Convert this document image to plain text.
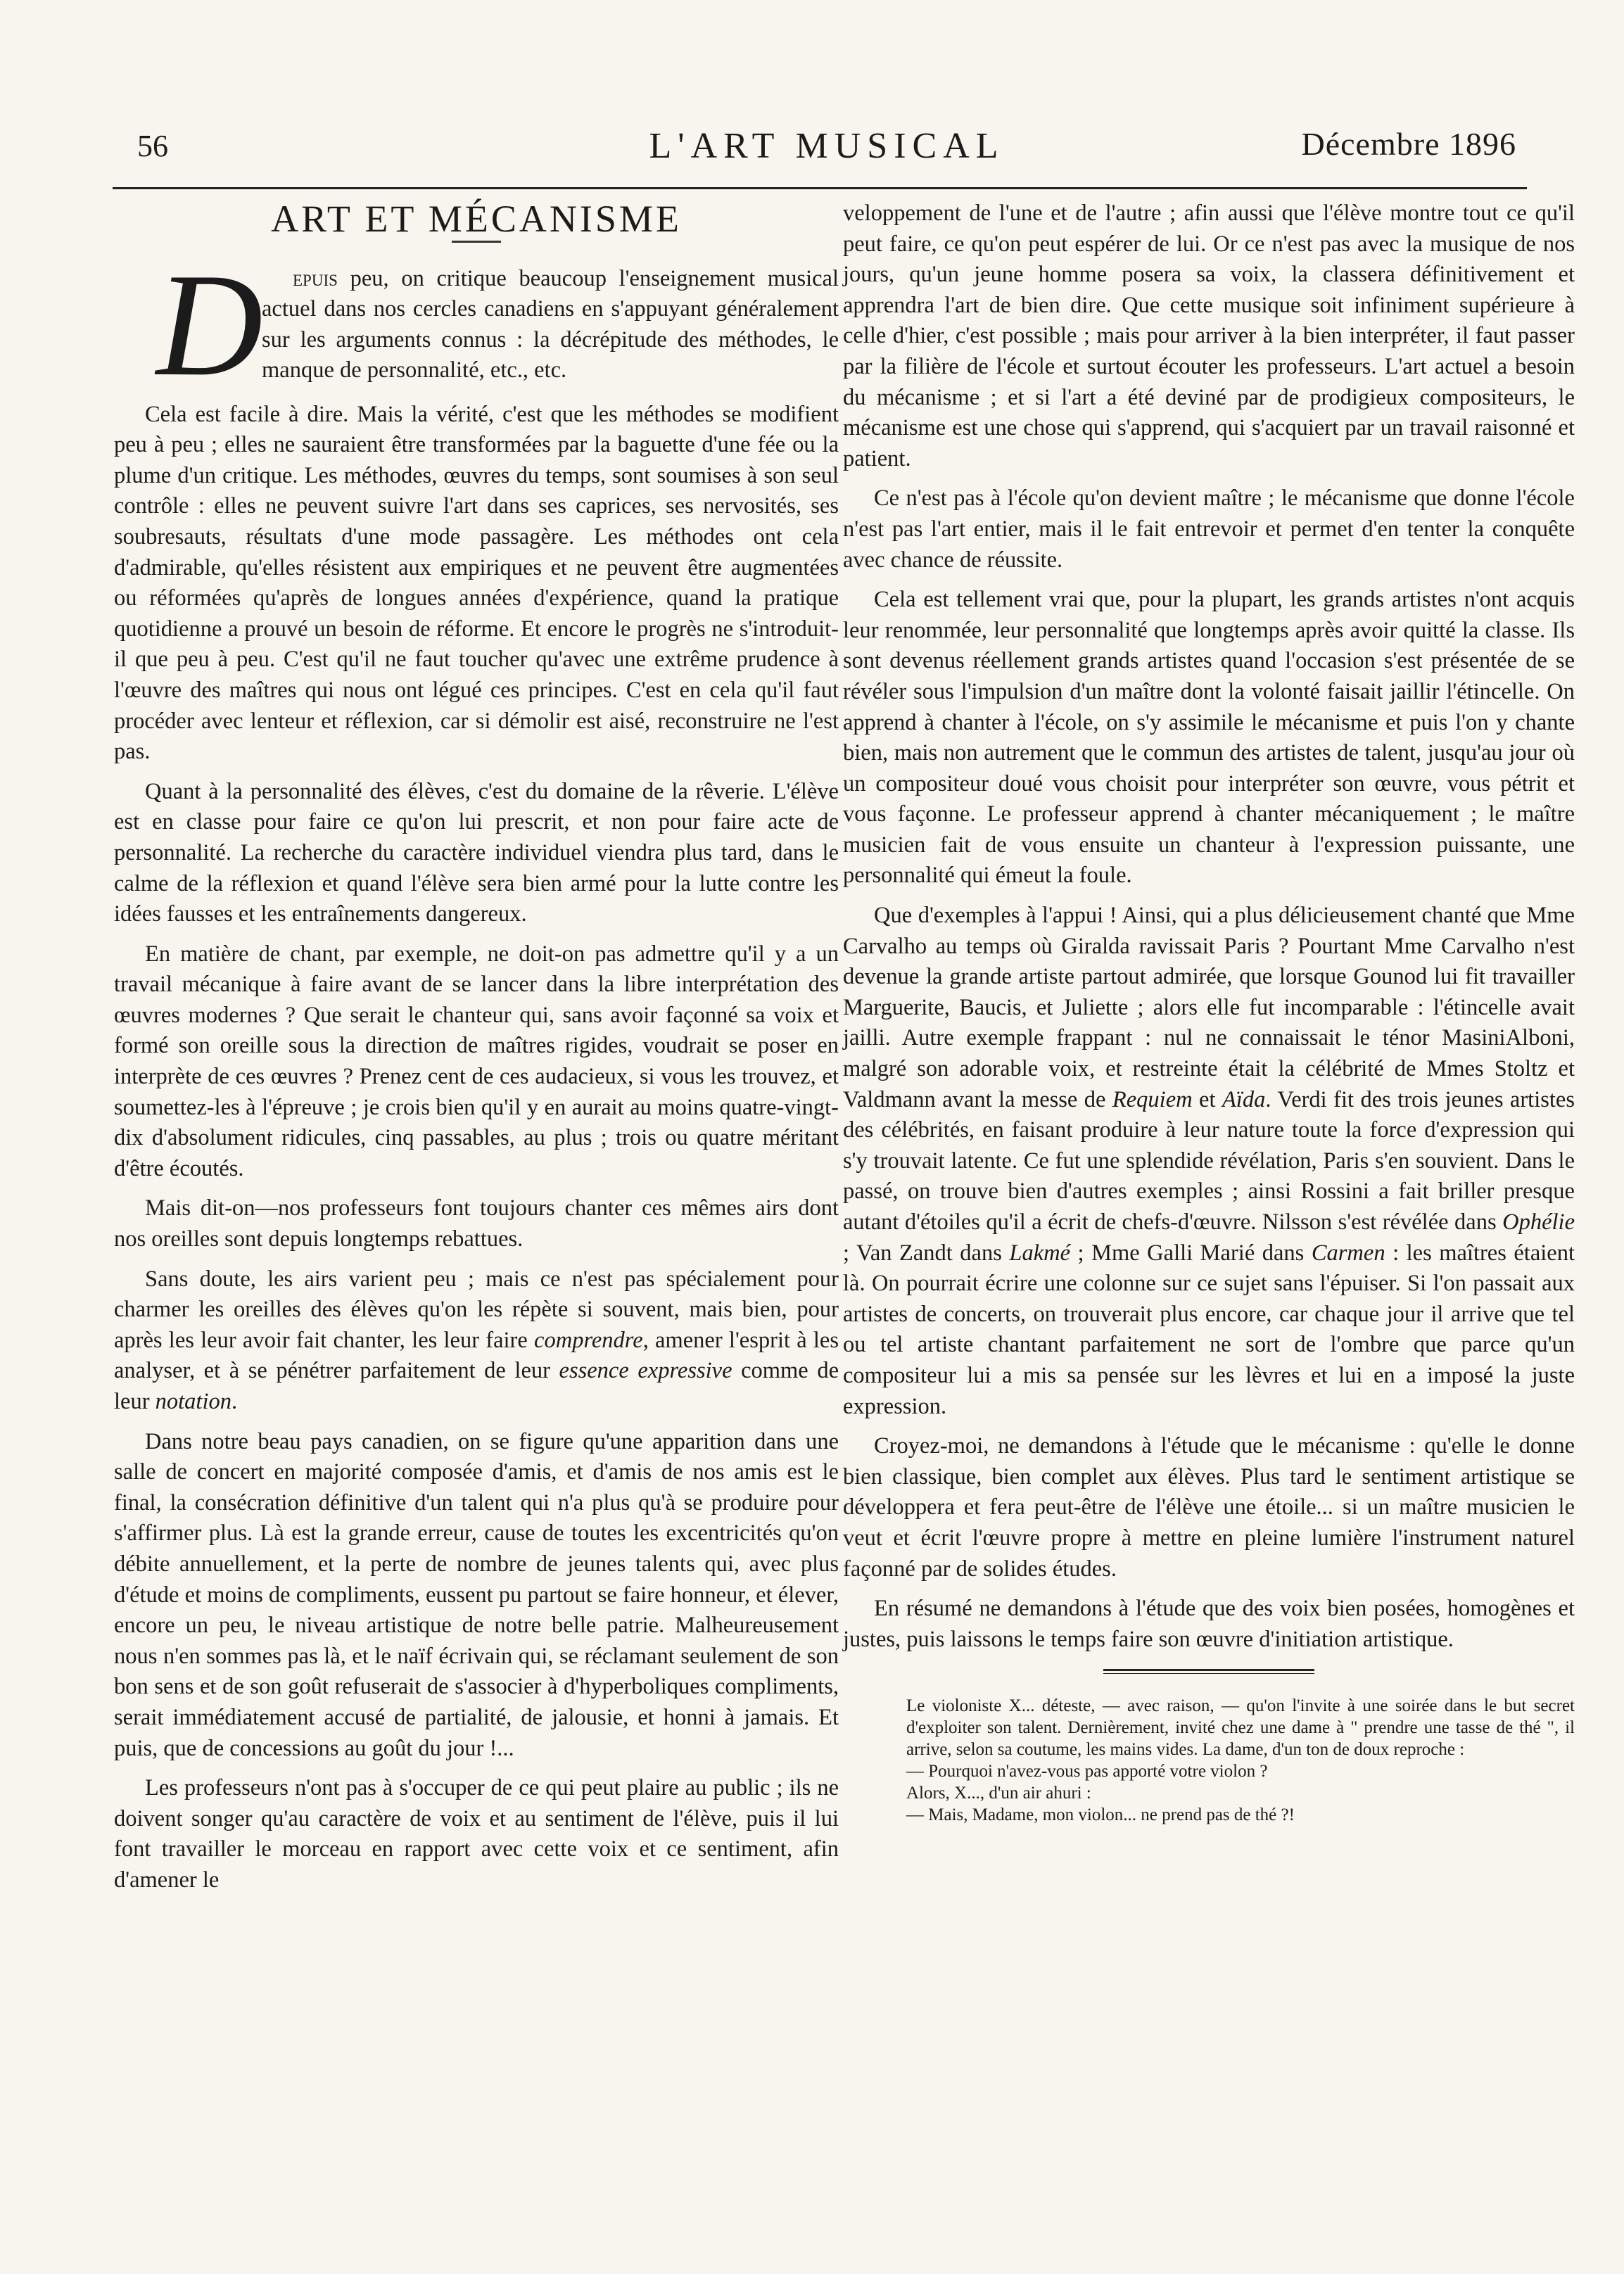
56	L'ART MUSICAL	Décembre 1896
ART ET MÉCANISME

D epuis peu, on critique beaucoup l'enseignement musical actuel dans nos cercles canadiens en s'appuyant généralement sur les arguments connus : la décrépitude des méthodes, le manque de personnalité, etc., etc.

Cela est facile à dire. Mais la vérité, c'est que les méthodes se modifient peu à peu ; elles ne sauraient être transformées par la baguette d'une fée ou la plume d'un critique. Les méthodes, œuvres du temps, sont soumises à son seul contrôle : elles ne peuvent suivre l'art dans ses caprices, ses nervosités, ses soubresauts, résultats d'une mode passagère. Les méthodes ont cela d'admirable, qu'elles résistent aux empiriques et ne peuvent être augmentées ou réformées qu'après de longues années d'expérience, quand la pratique quotidienne a prouvé un besoin de réforme. Et encore le progrès ne s'introduit-il que peu à peu. C'est qu'il ne faut toucher qu'avec une extrême prudence à l'œuvre des maîtres qui nous ont légué ces principes. C'est en cela qu'il faut procéder avec lenteur et réflexion, car si démolir est aisé, reconstruire ne l'est pas.

Quant à la personnalité des élèves, c'est du domaine de la rêverie. L'élève est en classe pour faire ce qu'on lui prescrit, et non pour faire acte de personnalité. La recherche du caractère individuel viendra plus tard, dans le calme de la réflexion et quand l'élève sera bien armé pour la lutte contre les idées fausses et les entraînements dangereux.

En matière de chant, par exemple, ne doit-on pas admettre qu'il y a un travail mécanique à faire avant de se lancer dans la libre interprétation des œuvres modernes ? Que serait le chanteur qui, sans avoir façonné sa voix et formé son oreille sous la direction de maîtres rigides, voudrait se poser en interprète de ces œuvres ? Prenez cent de ces audacieux, si vous les trouvez, et soumettez-les à l'épreuve ; je crois bien qu'il y en aurait au moins quatre-vingt-dix d'absolument ridicules, cinq passables, au plus ; trois ou quatre méritant d'être écoutés.

Mais dit-on—nos professeurs font toujours chanter ces mêmes airs dont nos oreilles sont depuis longtemps rebattues.

Sans doute, les airs varient peu ; mais ce n'est pas spécialement pour charmer les oreilles des élèves qu'on les répète si souvent, mais bien, pour après les leur avoir fait chanter, les leur faire comprendre, amener l'esprit à les analyser, et à se pénétrer parfaitement de leur essence expressive comme de leur notation.

Dans notre beau pays canadien, on se figure qu'une apparition dans une salle de concert en majorité composée d'amis, et d'amis de nos amis est le final, la consécration définitive d'un talent qui n'a plus qu'à se produire pour s'affirmer plus. Là est la grande erreur, cause de toutes les excentricités qu'on débite annuellement, et la perte de nombre de jeunes talents qui, avec plus d'étude et moins de compliments, eussent pu partout se faire honneur, et élever, encore un peu, le niveau artistique de notre belle patrie. Malheureusement nous n'en sommes pas là, et le naïf écrivain qui, se réclamant seulement de son bon sens et de son goût refuserait de s'associer à d'hyperboliques compliments, serait immédiatement accusé de partialité, de jalousie, et honni à jamais. Et puis, que de concessions au goût du jour !...

Les professeurs n'ont pas à s'occuper de ce qui peut plaire au public ; ils ne doivent songer qu'au caractère de voix et au sentiment de l'élève, puis il lui font travailler le morceau en rapport avec cette voix et ce sentiment, afin d'amener le

veloppement de l'une et de l'autre ; afin aussi que l'élève montre tout ce qu'il peut faire, ce qu'on peut espérer de lui. Or ce n'est pas avec la musique de nos jours, qu'un jeune homme posera sa voix, la classera définitivement et apprendra l'art de bien dire. Que cette musique soit infiniment supérieure à celle d'hier, c'est possible ; mais pour arriver à la bien interpréter, il faut passer par la filière de l'école et surtout écouter les professeurs. L'art actuel a besoin du mécanisme ; et si l'art a été deviné par de prodigieux compositeurs, le mécanisme est une chose qui s'apprend, qui s'acquiert par un travail raisonné et patient.

Ce n'est pas à l'école qu'on devient maître ; le mécanisme que donne l'école n'est pas l'art entier, mais il le fait entrevoir et permet d'en tenter la conquête avec chance de réussite.

Cela est tellement vrai que, pour la plupart, les grands artistes n'ont acquis leur renommée, leur personnalité que longtemps après avoir quitté la classe. Ils sont devenus réellement grands artistes quand l'occasion s'est présentée de se révéler sous l'impulsion d'un maître dont la volonté faisait jaillir l'étincelle. On apprend à chanter à l'école, on s'y assimile le mécanisme et puis l'on y chante bien, mais non autrement que le commun des artistes de talent, jusqu'au jour où un compositeur doué vous choisit pour interpréter son œuvre, vous pétrit et vous façonne. Le professeur apprend à chanter mécaniquement ; le maître musicien fait de vous ensuite un chanteur à l'expression puissante, une personnalité qui émeut la foule.

Que d'exemples à l'appui ! Ainsi, qui a plus délicieusement chanté que Mme Carvalho au temps où Giralda ravissait Paris ? Pourtant Mme Carvalho n'est devenue la grande artiste partout admirée, que lorsque Gounod lui fit travailler Marguerite, Baucis, et Juliette ; alors elle fut incomparable : l'étincelle avait jailli. Autre exemple frappant : nul ne connaissait le ténor MasiniAlboni, malgré son adorable voix, et restreinte était la célébrité de Mmes Stoltz et Valdmann avant la messe de Requiem et Aïda. Verdi fit des trois jeunes artistes des célébrités, en faisant produire à leur nature toute la force d'expression qui s'y trouvait latente. Ce fut une splendide révélation, Paris s'en souvient. Dans le passé, on trouve bien d'autres exemples ; ainsi Rossini a fait briller presque autant d'étoiles qu'il a écrit de chefs-d'œuvre. Nilsson s'est révélée dans Ophélie ; Van Zandt dans Lakmé ; Mme Galli Marié dans Carmen : les maîtres étaient là. On pourrait écrire une colonne sur ce sujet sans l'épuiser. Si l'on passait aux artistes de concerts, on trouverait plus encore, car chaque jour il arrive que tel ou tel artiste chantant parfaitement ne sort de l'ombre que parce qu'un compositeur lui a mis sa pensée sur les lèvres et lui en a imposé la juste expression.

Croyez-moi, ne demandons à l'étude que le mécanisme : qu'elle le donne bien classique, bien complet aux élèves. Plus tard le sentiment artistique se développera et fera peut-être de l'élève une étoile... si un maître musicien le veut et écrit l'œuvre propre à mettre en pleine lumière l'instrument naturel façonné par de solides études.

En résumé ne demandons à l'étude que des voix bien posées, homogènes et justes, puis laissons le temps faire son œuvre d'initiation artistique.

Le violoniste X... déteste, — avec raison, — qu'on l'invite à une soirée dans le but secret d'exploiter son talent. Dernièrement, invité chez une dame à " prendre une tasse de thé ", il arrive, selon sa coutume, les mains vides. La dame, d'un ton de doux reproche :
— Pourquoi n'avez-vous pas apporté votre violon ?
Alors, X..., d'un air ahuri :
— Mais, Madame, mon violon... ne prend pas de thé ?!
